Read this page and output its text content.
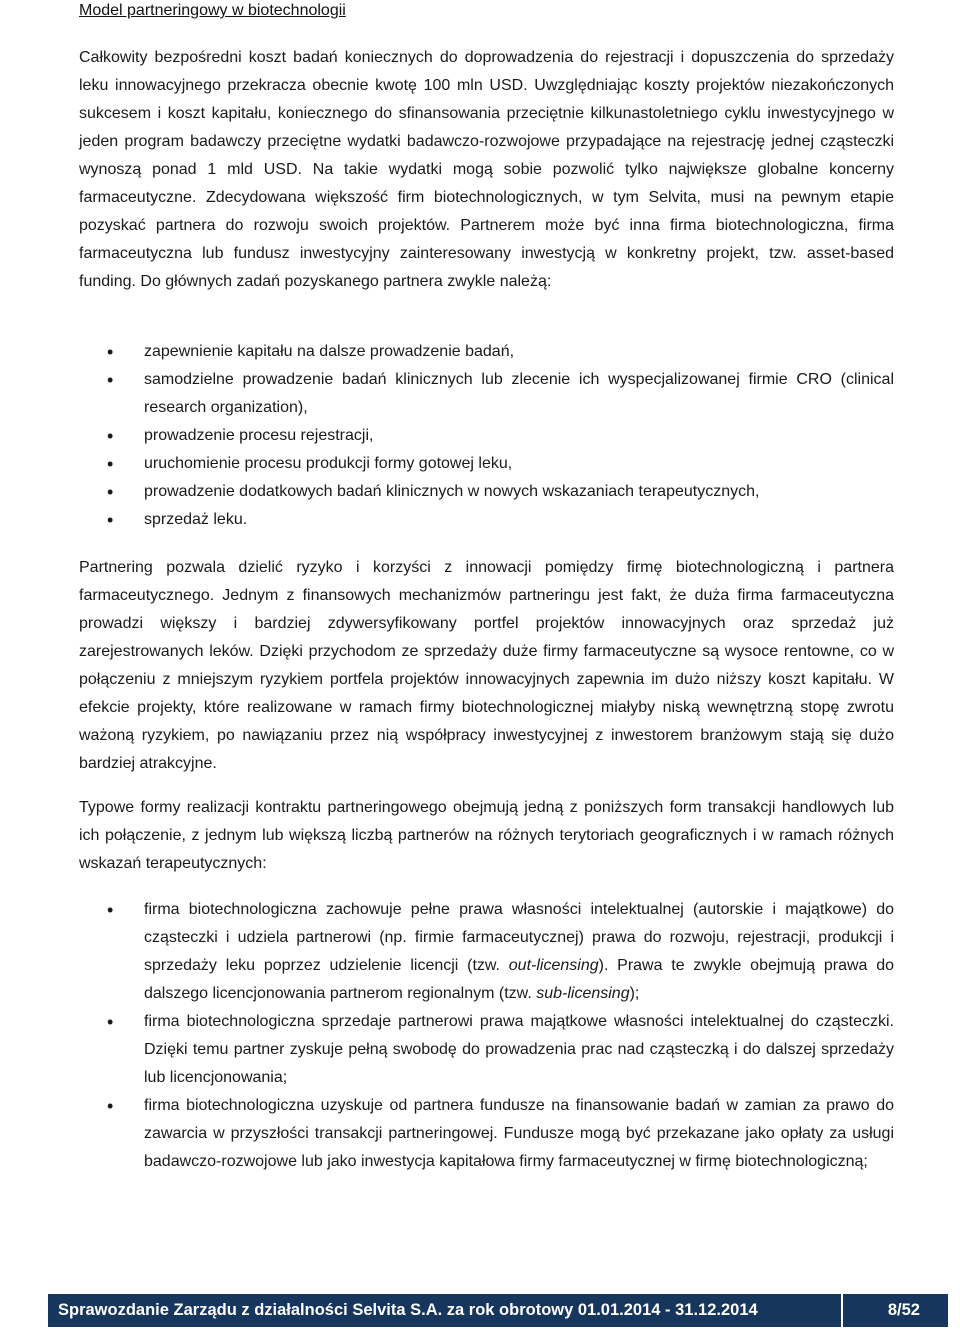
Model partneringowy w biotechnologii

Całkowity bezpośredni koszt badań koniecznych do doprowadzenia do rejestracji i dopuszczenia do sprzedaży leku innowacyjnego przekracza obecnie kwotę 100 mln USD. Uwzględniając koszty projektów niezakończonych sukcesem i koszt kapitału, koniecznego do sfinansowania przeciętnie kilkunastoletniego cyklu inwestycyjnego w jeden program badawczy przeciętne wydatki badawczo-rozwojowe przypadające na rejestrację jednej cząsteczki wynoszą ponad 1 mld USD. Na takie wydatki mogą sobie pozwolić tylko największe globalne koncerny farmaceutyczne. Zdecydowana większość firm biotechnologicznych, w tym Selvita, musi na pewnym etapie pozyskać partnera do rozwoju swoich projektów. Partnerem może być inna firma biotechnologiczna, firma farmaceutyczna lub fundusz inwestycyjny zainteresowany inwestycją w konkretny projekt, tzw. asset-based funding. Do głównych zadań pozyskanego partnera zwykle należą:

• zapewnienie kapitału na dalsze prowadzenie badań,
• samodzielne prowadzenie badań klinicznych lub zlecenie ich wyspecjalizowanej firmie CRO (clinical research organization),
• prowadzenie procesu rejestracji,
• uruchomienie procesu produkcji formy gotowej leku,
• prowadzenie dodatkowych badań klinicznych w nowych wskazaniach terapeutycznych,
• sprzedaż leku.

Partnering pozwala dzielić ryzyko i korzyści z innowacji pomiędzy firmę biotechnologiczną i partnera farmaceutycznego. Jednym z finansowych mechanizmów partneringu jest fakt, że duża firma farmaceutyczna prowadzi większy i bardziej zdywersyfikowany portfel projektów innowacyjnych oraz sprzedaż już zarejestrowanych leków. Dzięki przychodom ze sprzedaży duże firmy farmaceutyczne są wysoce rentowne, co w połączeniu z mniejszym ryzykiem portfela projektów innowacyjnych zapewnia im dużo niższy koszt kapitału. W efekcie projekty, które realizowane w ramach firmy biotechnologicznej miałyby niską wewnętrzną stopę zwrotu ważoną ryzykiem, po nawiązaniu przez nią współpracy inwestycyjnej z inwestorem branżowym stają się dużo bardziej atrakcyjne.

Typowe formy realizacji kontraktu partneringowego obejmują jedną z poniższych form transakcji handlowych lub ich połączenie, z jednym lub większą liczbą partnerów na różnych terytoriach geograficznych i w ramach różnych wskazań terapeutycznych:

• firma biotechnologiczna zachowuje pełne prawa własności intelektualnej (autorskie i majątkowe) do cząsteczki i udziela partnerowi (np. firmie farmaceutycznej) prawa do rozwoju, rejestracji, produkcji i sprzedaży leku poprzez udzielenie licencji (tzw. out-licensing). Prawa te zwykle obejmują prawa do dalszego licencjonowania partnerom regionalnym (tzw. sub-licensing);
• firma biotechnologiczna sprzedaje partnerowi prawa majątkowe własności intelektualnej do cząsteczki. Dzięki temu partner zyskuje pełną swobodę do prowadzenia prac nad cząsteczką i do dalszej sprzedaży lub licencjonowania;
• firma biotechnologiczna uzyskuje od partnera fundusze na finansowanie badań w zamian za prawo do zawarcia w przyszłości transakcji partneringowej. Fundusze mogą być przekazane jako opłaty za usługi badawczo-rozwojowe lub jako inwestycja kapitałowa firmy farmaceutycznej w firmę biotechnologiczną;
Sprawozdanie Zarządu z działalności Selvita S.A. za rok obrotowy 01.01.2014 - 31.12.2014	8/52
